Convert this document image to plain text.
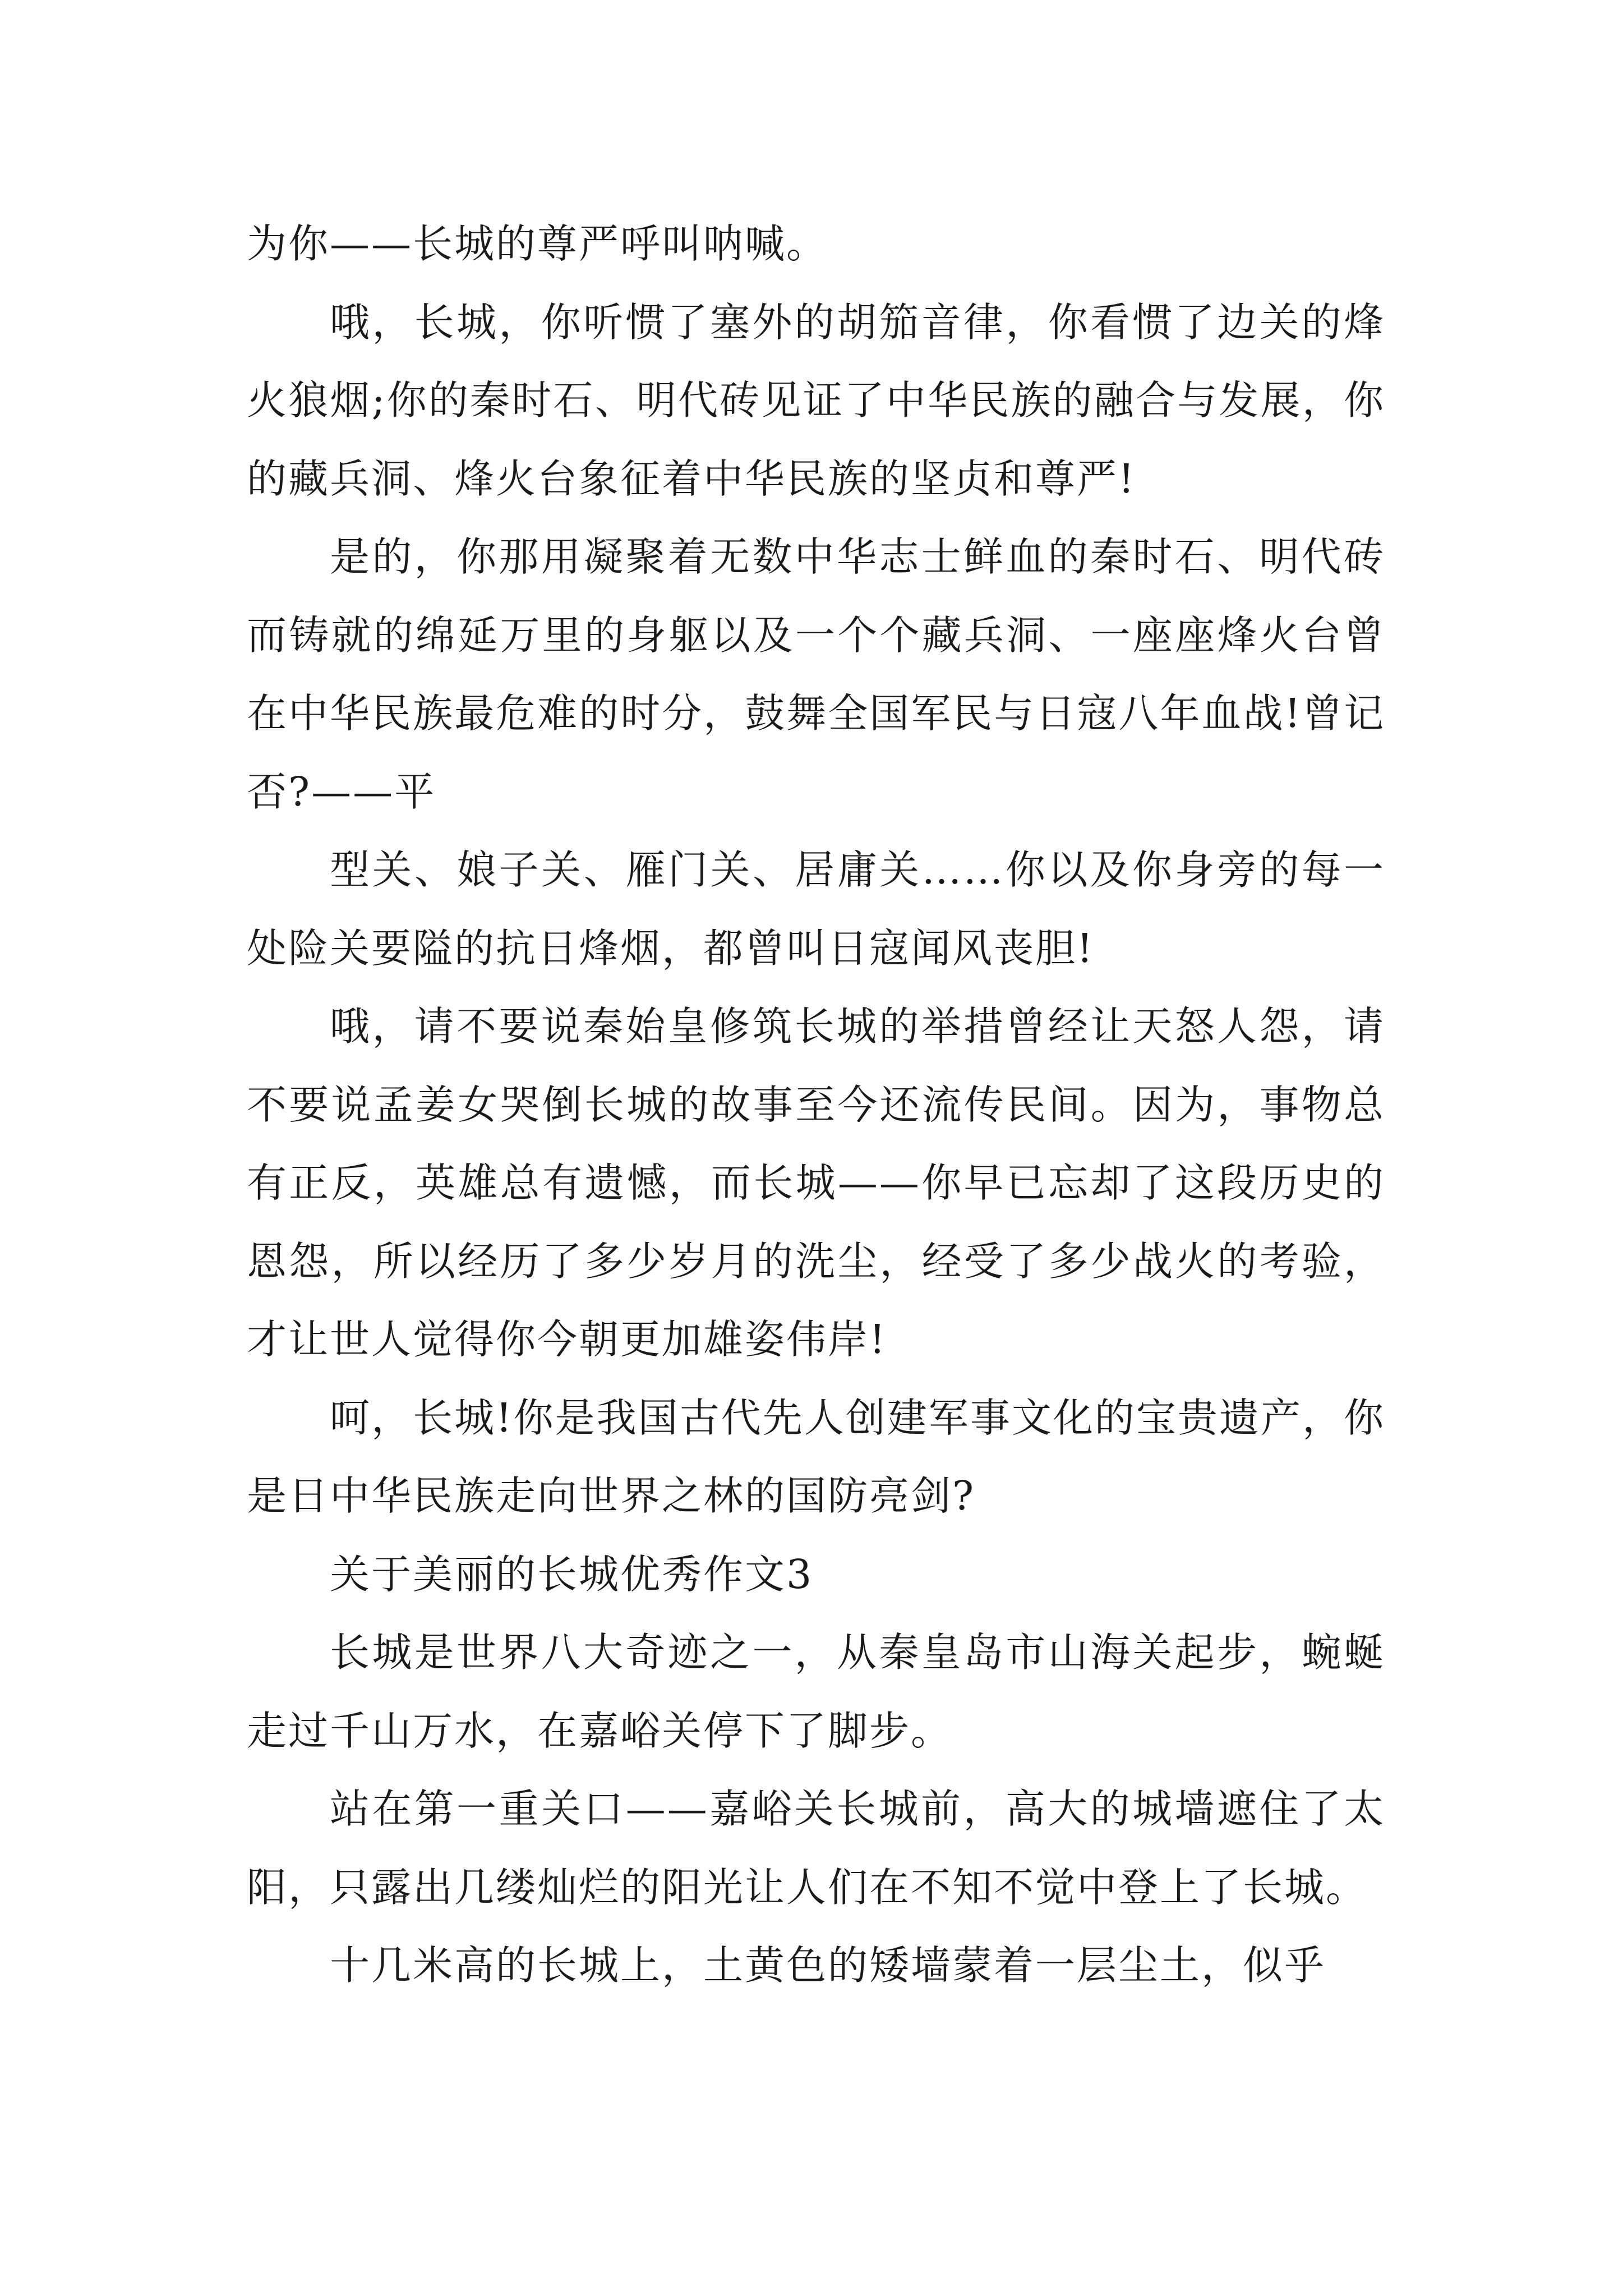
为你——长城的尊严呼叫呐喊。

哦，长城，你听惯了塞外的胡笳音律，你看惯了边关的烽火狼烟;你的秦时石、明代砖见证了中华民族的融合与发展，你的藏兵洞、烽火台象征着中华民族的坚贞和尊严!

是的，你那用凝聚着无数中华志士鲜血的秦时石、明代砖而铸就的绵延万里的身躯以及一个个藏兵洞、一座座烽火台曾在中华民族最危难的时分，鼓舞全国军民与日寇八年血战!曾记否?——平

型关、娘子关、雁门关、居庸关……你以及你身旁的每一处险关要隘的抗日烽烟，都曾叫日寇闻风丧胆!

哦，请不要说秦始皇修筑长城的举措曾经让天怒人怨，请不要说孟姜女哭倒长城的故事至今还流传民间。因为，事物总有正反，英雄总有遗憾，而长城——你早已忘却了这段历史的恩怨，所以经历了多少岁月的洗尘，经受了多少战火的考验，才让世人觉得你今朝更加雄姿伟岸!

呵，长城!你是我国古代先人创建军事文化的宝贵遗产，你是日中华民族走向世界之林的国防亮剑?

关于美丽的长城优秀作文3

长城是世界八大奇迹之一，从秦皇岛市山海关起步，蜿蜒走过千山万水，在嘉峪关停下了脚步。

站在第一重关口——嘉峪关长城前，高大的城墙遮住了太阳，只露出几缕灿烂的阳光让人们在不知不觉中登上了长城。

十几米高的长城上，土黄色的矮墙蒙着一层尘土，似乎
